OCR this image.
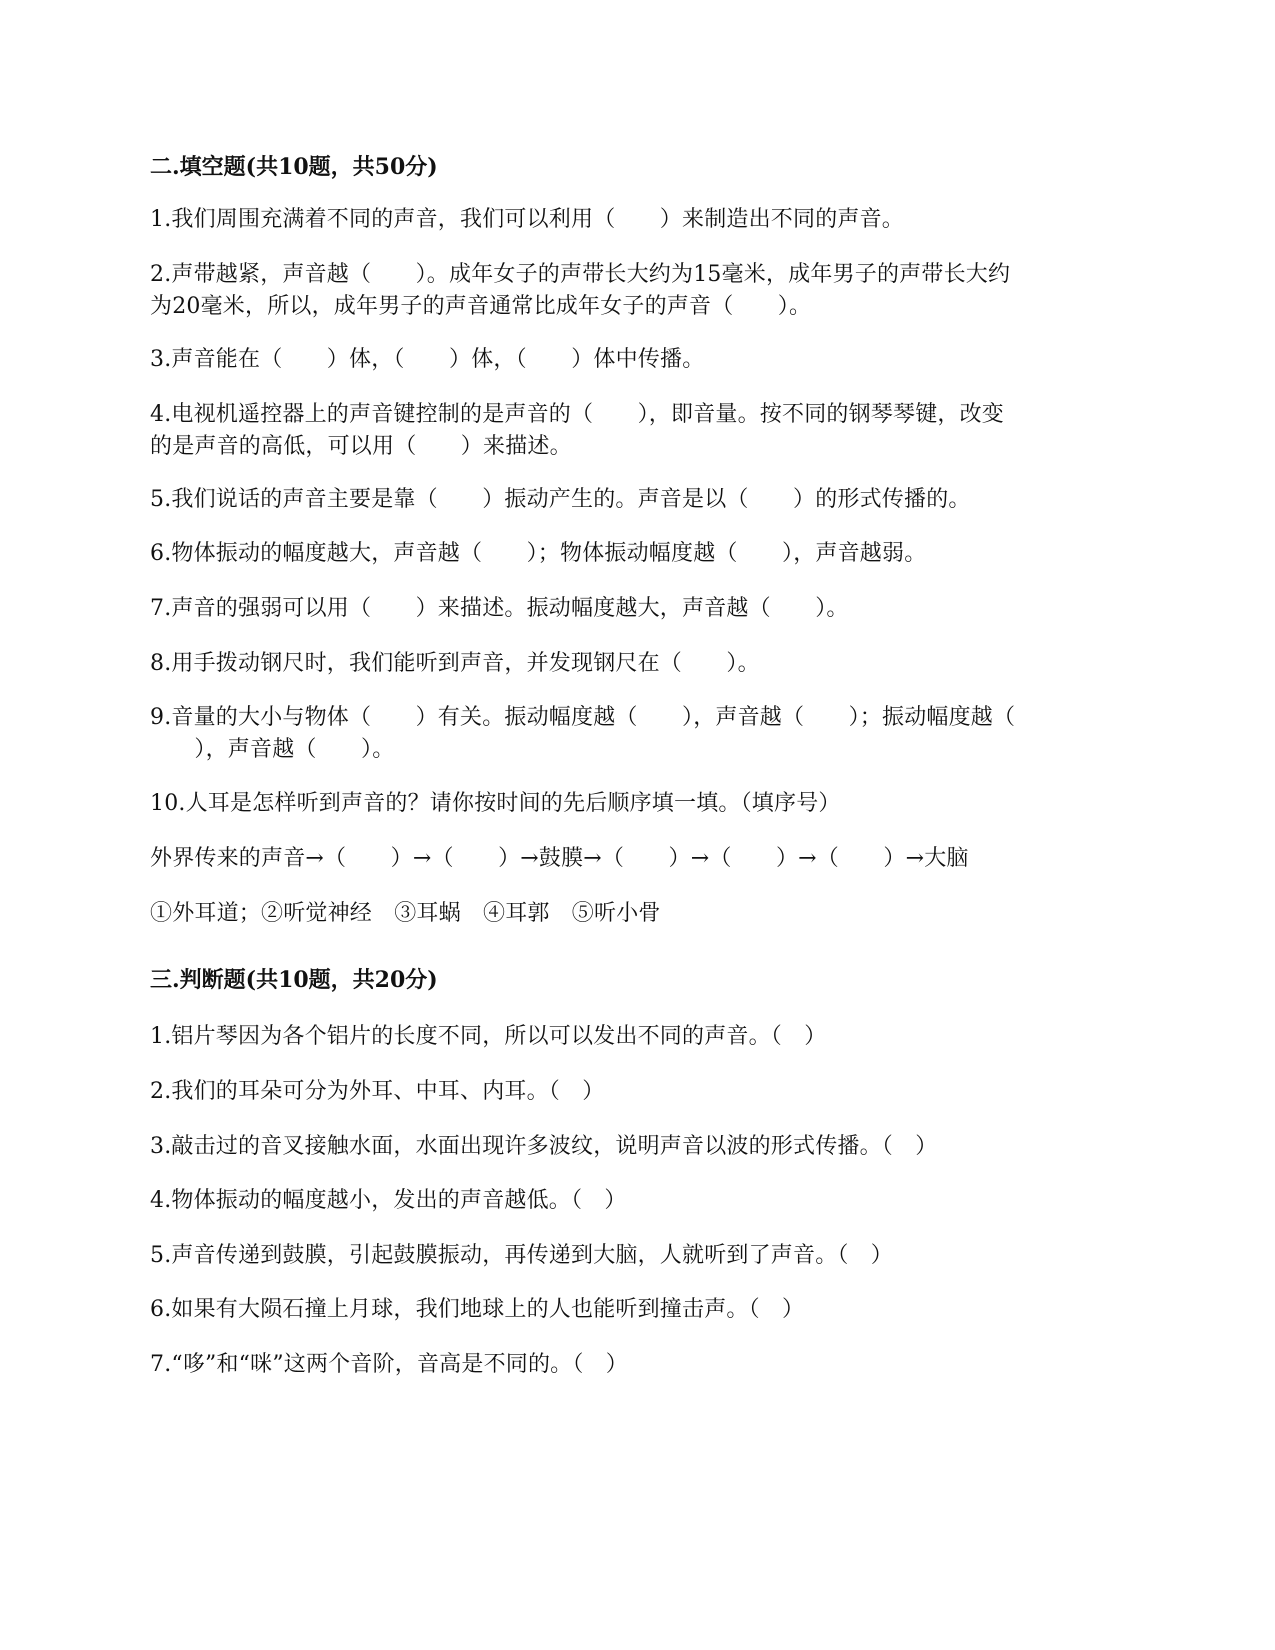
二.填空题(共10题，共50分)
1.我们周围充满着不同的声音，我们可以利用（　　）来制造出不同的声音。
2.声带越紧，声音越（　　）。成年女子的声带长大约为15毫米，成年男子的声带长大约
为20毫米，所以，成年男子的声音通常比成年女子的声音（　　）。
3.声音能在（　　）体，（　　）体，（　　）体中传播。
4.电视机遥控器上的声音键控制的是声音的（　　），即音量。按不同的钢琴琴键，改变
的是声音的高低，可以用（　　）来描述。
5.我们说话的声音主要是靠（　　）振动产生的。声音是以（　　）的形式传播的。
6.物体振动的幅度越大，声音越（　　）；物体振动幅度越（　　），声音越弱。
7.声音的强弱可以用（　　）来描述。振动幅度越大，声音越（　　）。
8.用手拨动钢尺时，我们能听到声音，并发现钢尺在（　　）。
9.音量的大小与物体（　　）有关。振动幅度越（　　），声音越（　　）；振动幅度越（
　　），声音越（　　）。
10.人耳是怎样听到声音的？请你按时间的先后顺序填一填。（填序号）
外界传来的声音→（　　）→（　　）→鼓膜→（　　）→（　　）→（　　）→大脑
①外耳道；②听觉神经　③耳蜗　④耳郭　⑤听小骨
三.判断题(共10题，共20分)
1.铝片琴因为各个铝片的长度不同，所以可以发出不同的声音。（　）
2.我们的耳朵可分为外耳、中耳、内耳。（　）
3.敲击过的音叉接触水面，水面出现许多波纹，说明声音以波的形式传播。（　）
4.物体振动的幅度越小，发出的声音越低。（　）
5.声音传递到鼓膜，引起鼓膜振动，再传递到大脑，人就听到了声音。（　）
6.如果有大陨石撞上月球，我们地球上的人也能听到撞击声。（　）
7.“哆”和“咪”这两个音阶，音高是不同的。（　）
